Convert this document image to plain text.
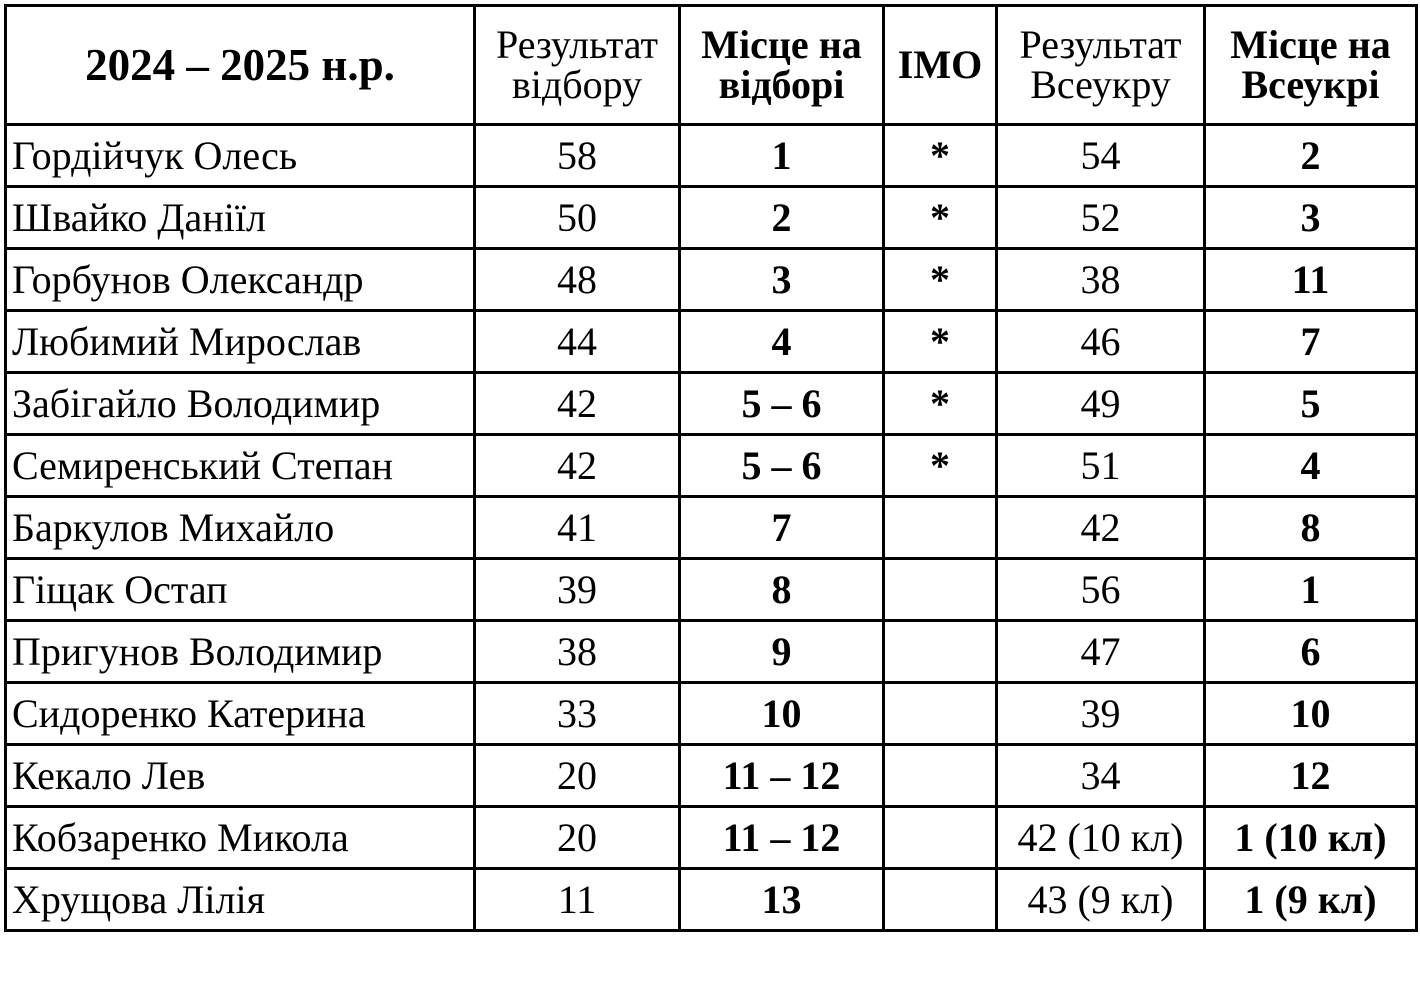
2024 – 2025 н.р.	Результат відбору	Місце на відборі	IMO	Результат Всеукру	Місце на Всеукрі
Гордійчук Олесь	58	1	*	54	2
Швайко Даніїл	50	2	*	52	3
Горбунов Олександр	48	3	*	38	11
Любимий Мирослав	44	4	*	46	7
Забігайло Володимир	42	5 – 6	*	49	5
Семиренський Степан	42	5 – 6	*	51	4
Баркулов Михайло	41	7		42	8
Гіщак Остап	39	8		56	1
Пригунов Володимир	38	9		47	6
Сидоренко Катерина	33	10		39	10
Кекало Лев	20	11 – 12		34	12
Кобзаренко Микола	20	11 – 12		42 (10 кл)	1 (10 кл)
Хрущова Лілія	11	13		43 (9 кл)	1 (9 кл)
